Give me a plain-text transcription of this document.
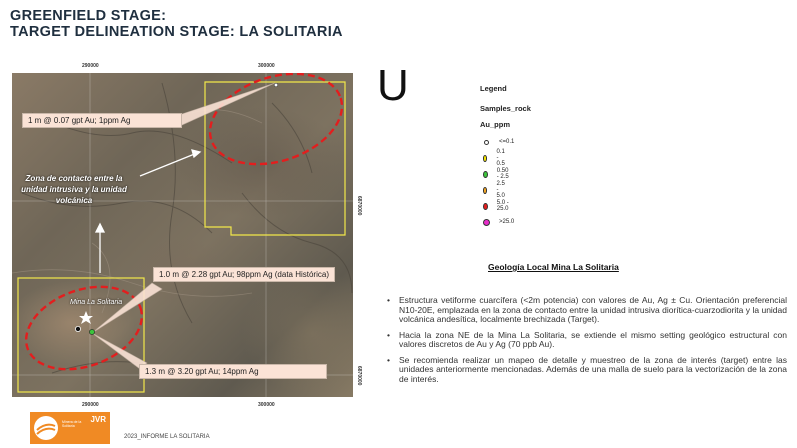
GREENFIELD STAGE:
TARGET DELINEATION STAGE: LA SOLITARIA
290000	300000
290000	300000
6870000
6870000
1 m @ 0.07 gpt Au; 1ppm Ag
Zona de contacto entre la unidad intrusiva y la unidad volcánica
1.0 m @ 2.28 gpt Au; 98ppm Ag (data Histórica)
Mina La Solitaria
1.3 m @ 3.20 gpt Au; 14ppm Ag
U	Legend
Samples_rock
Au_ppm
<=0.1
0.1 - 0.5
0.50 - 2.5
2.5 - 5.0
5.0 - 25.0
>25.0
Geología Local Mina La Solitaria
• Estructura vetiforme cuarcífera (<2m potencia) con valores de Au, Ag ± Cu. Orientación preferencial N10-20E, emplazada en la zona de contacto entre la unidad intrusiva diorítica-cuarzodiorita y la unidad volcánica andesítica, localmente brechizada (Target).
• Hacia la zona NE de la Mina La Solitaria, se extiende el mismo setting geológico estructural con valores discretos de Au y Ag (70 ppb Au).
• Se recomienda realizar un mapeo de detalle y muestreo de la zona de interés (target) entre las unidades anteriormente mencionadas. Además de una malla de suelo para la vectorización de la zona de interés.
Minera de la Solitaria
JVR
2023_INFORME LA SOLITARIA
